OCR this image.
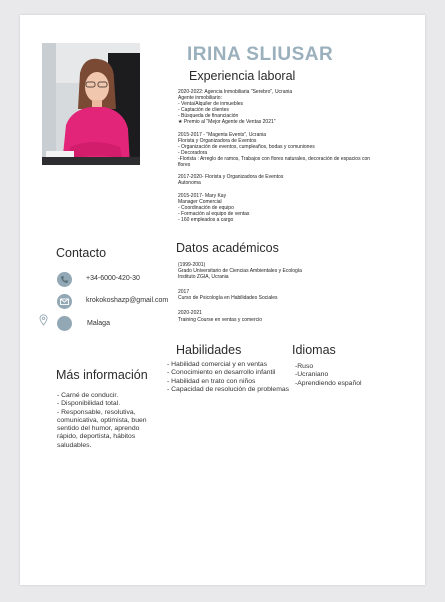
IRINA SLIUSAR
Experiencia laboral
2020-2022: Agencia Inmobiliaria "Serebro", Ucrania
Agente inmobiliario:
- Venta/Alquiler de inmuebles
- Captación de clientes
- Búsqueda de financiación
★ Premio al "Mejor Agente de Ventas 2021"

2015-2017 - "Magenta Events", Ucrania
Florista y Organizadora de Eventos
- Organización de eventos, cumpleaños, bodas y comuniones
- Decoradora
-Florista : Arreglo de ramos, Trabajos con flores naturales, decoración de espacios con
flores

2017-2020- Florista y Organizadora de Eventos
Autonoma

2015-2017- Mary Kay
Manager Comercial
- Coordinación de equipo
- Formación al equipo de ventas
- 160 empleados a cargo
Contacto
+34-6000-420-30
krokokoshazp@gmail.com
Malaga
Datos académicos
(1999-2001)
Grado Universitario de Ciencias Ambientales y Ecología
Instituto ZGIA, Ucrania

2017
Curso de Psicología en Habilidades Sociales

2020-2021
Training Course en ventas y comercio
Habilidades
- Habilidad comercial y en ventas
- Conocimiento en desarrollo infantil
- Habilidad en trato con niños
- Capacidad de resolución de problemas
Idiomas
-Ruso
-Ucraniano
-Aprendiendo español
Más información
- Carné de conducir.
- Disponibilidad total.
- Responsable, resolutiva,
comunicativa, optimista, buen
sentido del humor, aprendo
rápido, deportista, hábitos
saludables.
